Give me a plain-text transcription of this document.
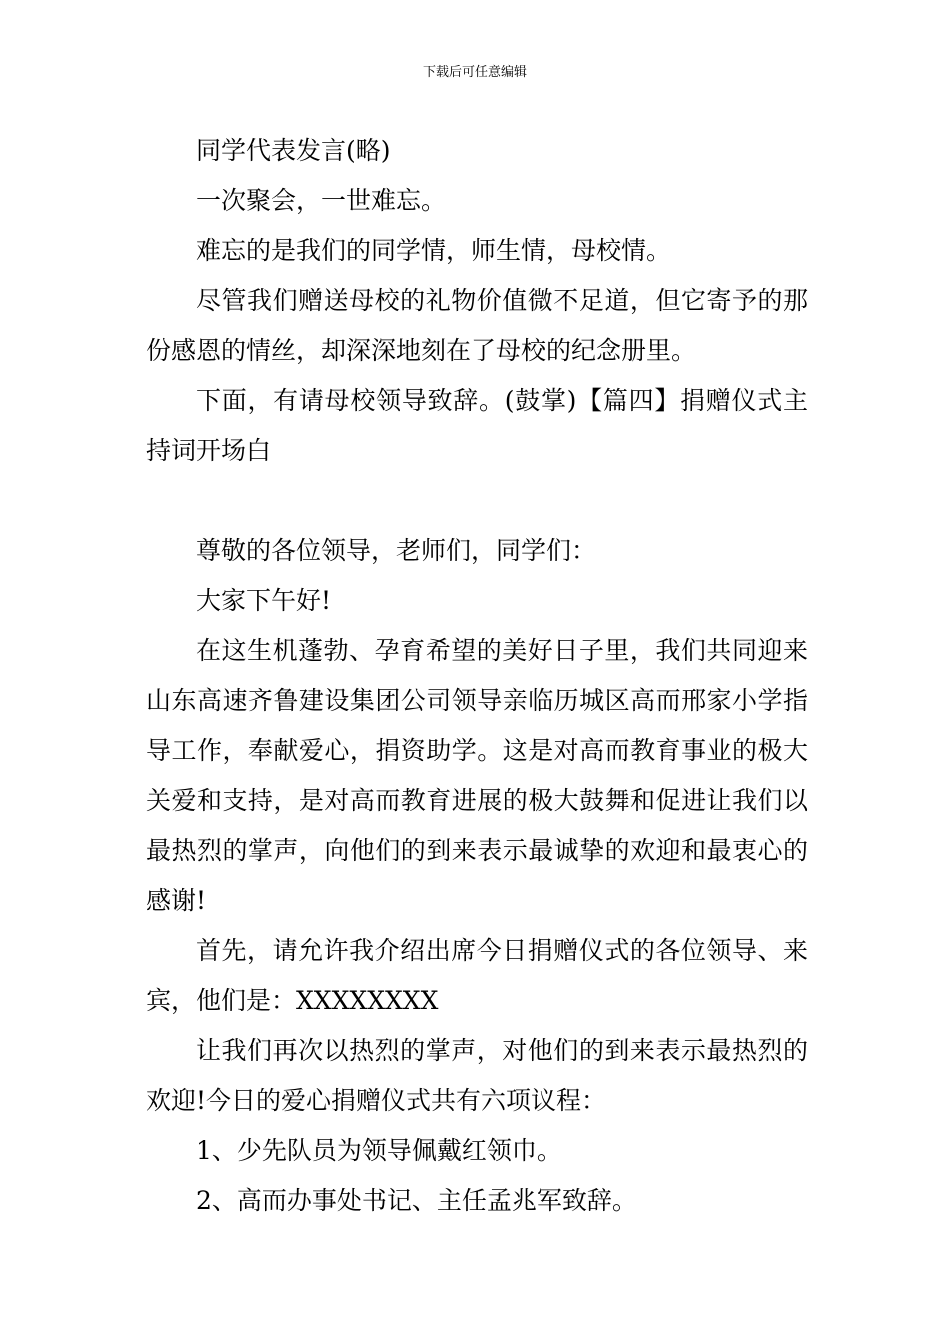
下载后可任意编辑

同学代表发言(略)

一次聚会，一世难忘。

难忘的是我们的同学情，师生情，母校情。

尽管我们赠送母校的礼物价值微不足道，但它寄予的那份感恩的情丝，却深深地刻在了母校的纪念册里。

下面，有请母校领导致辞。(鼓掌)【篇四】捐赠仪式主持词开场白

尊敬的各位领导，老师们，同学们：

大家下午好!

在这生机蓬勃、孕育希望的美好日子里，我们共同迎来山东高速齐鲁建设集团公司领导亲临历城区高而邢家小学指导工作，奉献爱心，捐资助学。这是对高而教育事业的极大关爱和支持，是对高而教育进展的极大鼓舞和促进让我们以最热烈的掌声，向他们的到来表示最诚挚的欢迎和最衷心的感谢!

首先，请允许我介绍出席今日捐赠仪式的各位领导、来宾，他们是：XXXXXXXX

让我们再次以热烈的掌声，对他们的到来表示最热烈的欢迎!今日的爱心捐赠仪式共有六项议程：

1、少先队员为领导佩戴红领巾。

2、高而办事处书记、主任孟兆军致辞。
